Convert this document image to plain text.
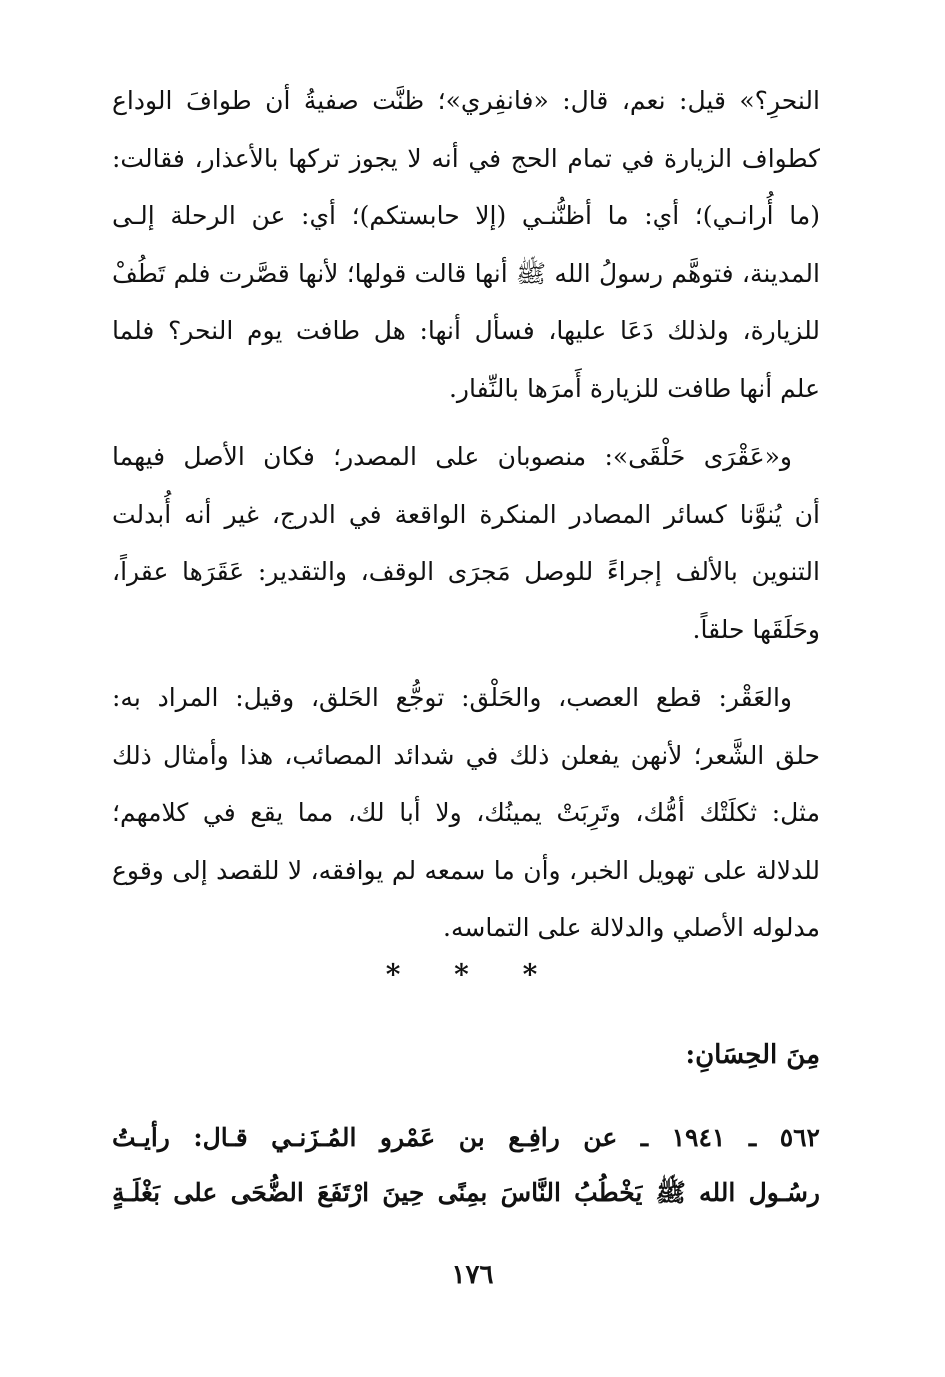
النحرِ؟» قيل: نعم، قال: «فانفِري»؛ ظنَّت صفيةُ أن طوافَ الوداع
كطواف الزيارة في تمام الحج في أنه لا يجوز تركها بالأعذار، فقالت:
(ما أُرانـي)؛ أي: ما أظنُّنـي (إلا حابستكم)؛ أي: عن الرحلة إلـى
المدينة، فتوهَّم رسولُ الله ﷺ أنها قالت قولها؛ لأنها قصَّرت فلم تَطُفْ
للزيارة، ولذلك دَعَا عليها، فسأل أنها: هل طافت يوم النحر؟ فلما
علم أنها طافت للزيارة أَمرَها بالنِّفار.
و«عَقْرَى حَلْقَى»: منصوبان على المصدر؛ فكان الأصل فيهما
أن يُنوَّنا كسائر المصادر المنكرة الواقعة في الدرج، غير أنه أُبدلت
التنوين بالألف إجراءً للوصل مَجرَى الوقف، والتقدير: عَقَرَها عقراً،
وحَلَقَها حلقاً.
والعَقْر: قطع العصب، والحَلْق: توجُّع الحَلق، وقيل: المراد به:
حلق الشَّعر؛ لأنهن يفعلن ذلك في شدائد المصائب، هذا وأمثال ذلك
مثل: ثكلَتْك أمُّك، وتَرِبَتْ يمينُك، ولا أبا لك، مما يقع في كلامهم؛
للدلالة على تهويل الخبر، وأن ما سمعه لم يوافقه، لا للقصد إلى وقوع
مدلوله الأصلي والدلالة على التماسه.
* * *
مِنَ الحِسَانِ:
٥٦٢ ـ ١٩٤١ ـ عن رافِـع بن عَمْرو المُـزَنـي قـال: رأيـتُ
رسُـول الله ﷺ يَخْطُبُ النَّاسَ بمِنًى حِينَ ارْتَفَعَ الضُّحَى على بَغْلَـةٍ
١٧٦
